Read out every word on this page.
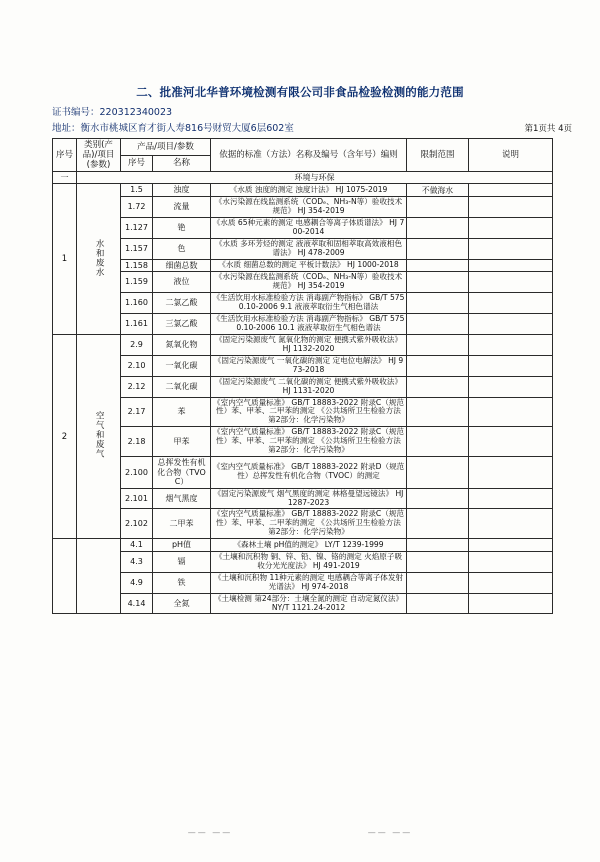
二、批准河北华普环境检测有限公司非食品检验检测的能力范围
证书编号：220312340023
地址：衡水市桃城区育才街人寿816号财贸大厦6层602室	第1页共 4页
序号	类别(产品)/项目 (参数)	产品/项目/参数		依据的标准（方法）名称及编号（含年号）编则	限制范围	说明
		序号	名称			
一	环境与环保					
1	水和废水	1.5	浊度	《水质 浊度的测定 浊度计法》 HJ 1075-2019	不做海水	
		1.72	流量	《水污染源在线监测系统（CODₑ、NH₃-N等）验收技术规范》 HJ 354-2019		
		1.127	铯	《水质 65种元素的测定 电感耦合等离子体质谱法》 HJ 700-2014		
		1.157	色	《水质 多环芳烃的测定 液液萃取和固相萃取高效液相色谱法》 HJ 478-2009		
		1.158	细菌总数	《水质 细菌总数的测定 平板计数法》 HJ 1000-2018		
		1.159	液位	《水污染源在线监测系统（CODₑ、NH₃-N等）验收技术规范》 HJ 354-2019		
		1.160	二氯乙酸	《生活饮用水标准检验方法 消毒副产物指标》 GB/T 5750.10-2006 9.1 液液萃取衍生气相色谱法		
		1.161	三氯乙酸	《生活饮用水标准检验方法 消毒副产物指标》 GB/T 5750.10-2006 10.1 液液萃取衍生气相色谱法		
2	空气和废气	2.9	氮氧化物	《固定污染源废气 氮氧化物的测定 便携式紫外吸收法》 HJ 1132-2020		
		2.10	一氧化碳	《固定污染源废气 一氧化碳的测定 定电位电解法》 HJ 973-2018		
		2.12	二氧化碳	《固定污染源废气 二氧化碳的测定 便携式紫外吸收法》 HJ 1131-2020		
		2.17	苯	《室内空气质量标准》 GB/T 18883-2022 附录C（规范性）苯、甲苯、二甲苯的测定 《公共场所卫生检验方法 第2部分：化学污染物》		
		2.18	甲苯	《室内空气质量标准》 GB/T 18883-2022 附录C（规范性）苯、甲苯、二甲苯的测定 《公共场所卫生检验方法 第2部分：化学污染物》		
		2.100	总挥发性有机化合物（TVOC）	《室内空气质量标准》 GB/T 18883-2022 附录D（规范性）总挥发性有机化合物（TVOC）的测定		
		2.101	烟气黑度	《固定污染源废气 烟气黑度的测定 林格曼望远镜法》 HJ 1287-2023		
		2.102	二甲苯	《室内空气质量标准》 GB/T 18883-2022 附录C（规范性）苯、甲苯、二甲苯的测定 《公共场所卫生检验方法 第2部分：化学污染物》		
		4.1	pH值	《森林土壤 pH值的测定》 LY/T 1239-1999		
		4.3	镉	《土壤和沉积物 铜、锌、铅、镍、铬的测定 火焰原子吸收分光光度法》 HJ 491-2019		
		4.9	铁	《土壤和沉积物 11种元素的测定 电感耦合等离子体发射光谱法》 HJ 974-2018		
		4.14	全氮	《土壤检测 第24部分：土壤全氮的测定 自动定氮仪法》 NY/T 1121.24-2012		
—— ——	—— ——
